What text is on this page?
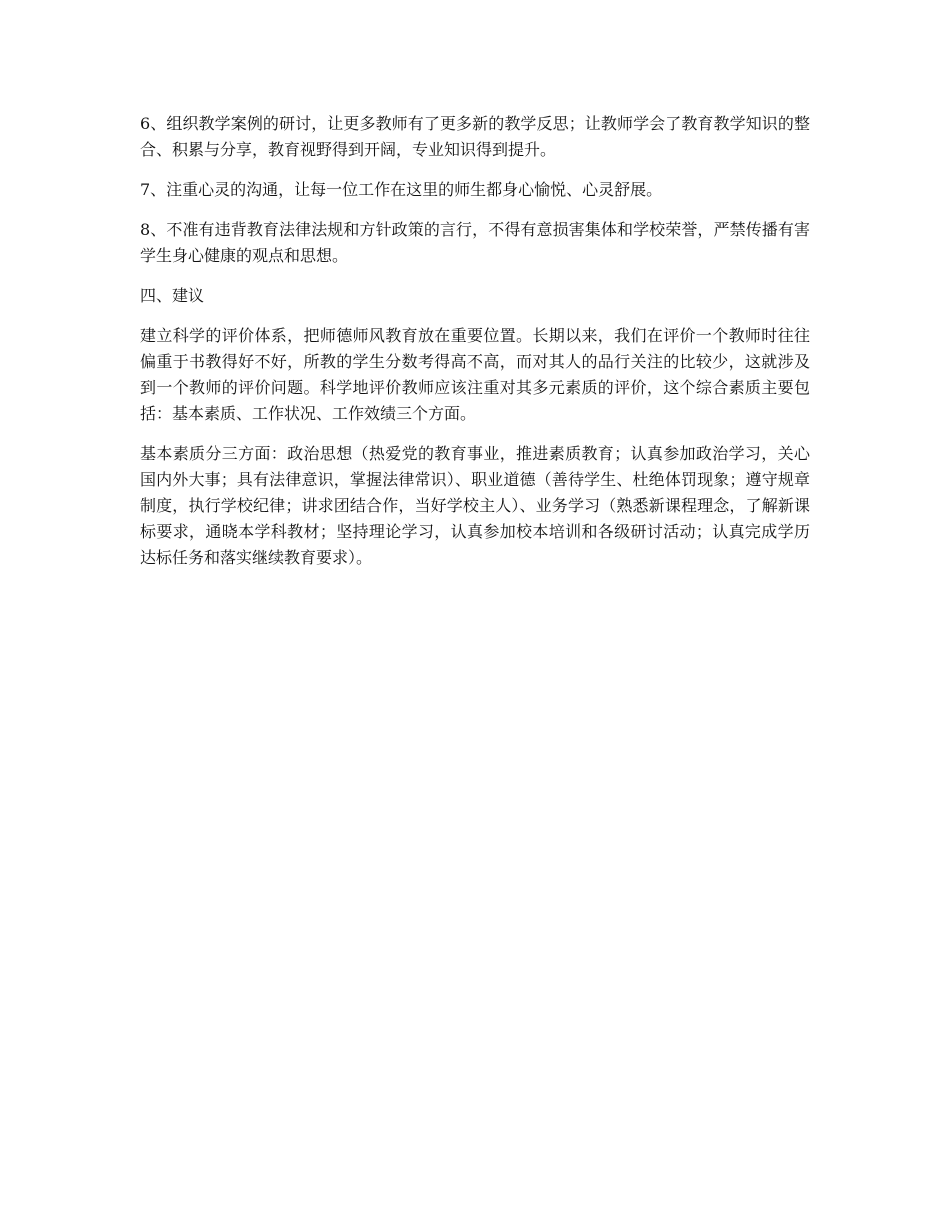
6、组织教学案例的研讨，让更多教师有了更多新的教学反思；让教师学会了教育教学知识的整合、积累与分享，教育视野得到开阔，专业知识得到提升。

7、注重心灵的沟通，让每一位工作在这里的师生都身心愉悦、心灵舒展。

8、不准有违背教育法律法规和方针政策的言行，不得有意损害集体和学校荣誉，严禁传播有害学生身心健康的观点和思想。

四、建议

建立科学的评价体系，把师德师风教育放在重要位置。长期以来，我们在评价一个教师时往往偏重于书教得好不好，所教的学生分数考得高不高，而对其人的品行关注的比较少，这就涉及到一个教师的评价问题。科学地评价教师应该注重对其多元素质的评价，这个综合素质主要包括：基本素质、工作状况、工作效绩三个方面。

基本素质分三方面：政治思想（热爱党的教育事业，推进素质教育；认真参加政治学习，关心国内外大事；具有法律意识，掌握法律常识）、职业道德（善待学生、杜绝体罚现象；遵守规章制度，执行学校纪律；讲求团结合作，当好学校主人）、业务学习（熟悉新课程理念，了解新课标要求，通晓本学科教材；坚持理论学习，认真参加校本培训和各级研讨活动；认真完成学历达标任务和落实继续教育要求）。
